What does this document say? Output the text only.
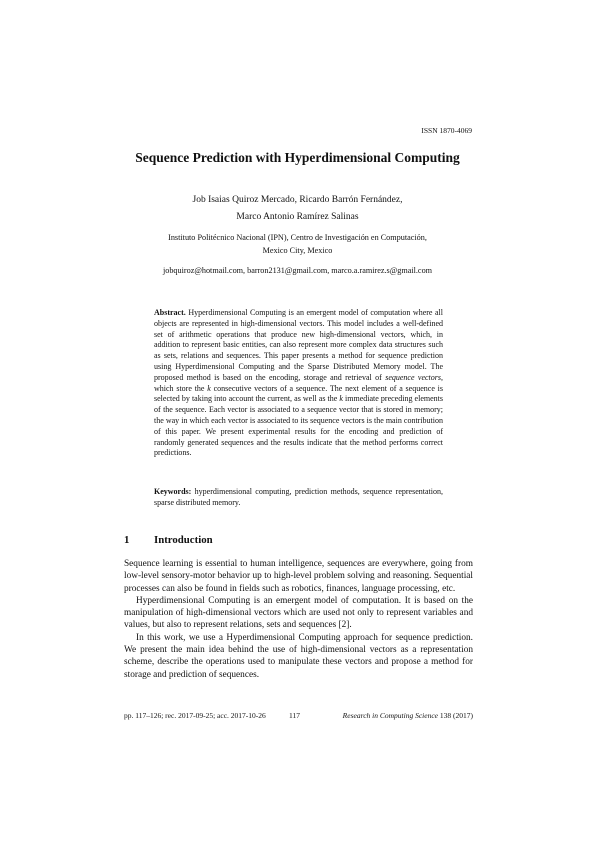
ISSN 1870-4069
Sequence Prediction with Hyperdimensional Computing
Job Isaias Quiroz Mercado, Ricardo Barrón Fernández,
Marco Antonio Ramírez Salinas
Instituto Politécnico Nacional (IPN), Centro de Investigación en Computación,
Mexico City, Mexico
jobquiroz@hotmail.com, barron2131@gmail.com, marco.a.ramirez.s@gmail.com
Abstract. Hyperdimensional Computing is an emergent model of computation where all objects are represented in high-dimensional vectors. This model includes a well-defined set of arithmetic operations that produce new high-dimensional vectors, which, in addition to represent basic entities, can also represent more complex data structures such as sets, relations and sequences. This paper presents a method for sequence prediction using Hyperdimensional Computing and the Sparse Distributed Memory model. The proposed method is based on the encoding, storage and retrieval of sequence vectors, which store the k consecutive vectors of a sequence. The next element of a sequence is selected by taking into account the current, as well as the k immediate preceding elements of the sequence. Each vector is associated to a sequence vector that is stored in memory; the way in which each vector is associated to its sequence vectors is the main contribution of this paper. We present experimental results for the encoding and prediction of randomly generated sequences and the results indicate that the method performs correct predictions.
Keywords: hyperdimensional computing, prediction methods, sequence representation, sparse distributed memory.
1 Introduction

Sequence learning is essential to human intelligence, sequences are everywhere, going from low-level sensory-motor behavior up to high-level problem solving and reasoning. Sequential processes can also be found in fields such as robotics, finances, language processing, etc.

Hyperdimensional Computing is an emergent model of computation. It is based on the manipulation of high-dimensional vectors which are used not only to represent variables and values, but also to represent relations, sets and sequences [2].

In this work, we use a Hyperdimensional Computing approach for sequence prediction. We present the main idea behind the use of high-dimensional vectors as a representation scheme, describe the operations used to manipulate these vectors and propose a method for storage and prediction of sequences.

pp. 117–126; rec. 2017-09-25; acc. 2017-10-26	117	Research in Computing Science 138 (2017)
